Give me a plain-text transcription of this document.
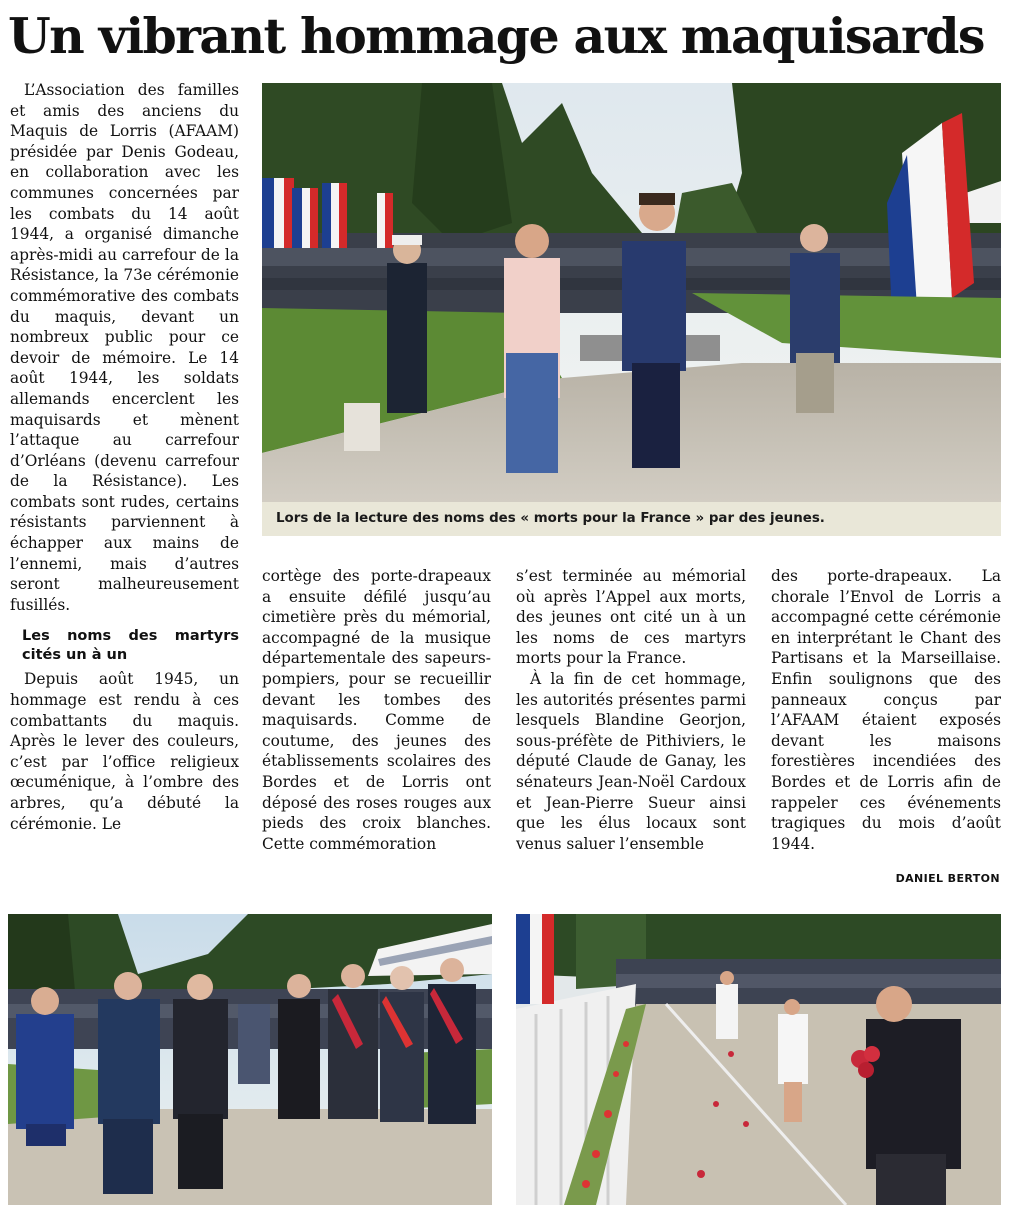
Un vibrant hommage aux maquisards

L’Association des familles et amis des anciens du Maquis de Lorris (AFAAM) présidée par Denis Godeau, en collaboration avec les communes concernées par les combats du 14 août 1944, a organisé dimanche après-midi au carrefour de la Résistance, la 73e cérémonie commémorative des combats du maquis, devant un nombreux public pour ce devoir de mémoire. Le 14 août 1944, les soldats allemands encerclent les maquisards et mènent l’attaque au carrefour d’Orléans (devenu carrefour de la Résistance). Les combats sont rudes, certains résistants parviennent à échapper aux mains de l’ennemi, mais d’autres seront malheureusement fusillés.

Les noms des martyrs cités un à un

Depuis août 1945, un hommage est rendu à ces combattants du maquis. Après le lever des couleurs, c’est par l’office religieux œcuménique, à l’ombre des arbres, qu’a débuté la cérémonie. Le

Lors de la lecture des noms des « morts pour la France » par des jeunes.

cortège des porte-drapeaux a ensuite défilé jusqu’au cimetière près du mémorial, accompagné de la musique départementale des sapeurs-pompiers, pour se recueillir devant les tombes des maquisards. Comme de coutume, des jeunes des établissements scolaires des Bordes et de Lorris ont déposé des roses rouges aux pieds des croix blanches. Cette commémoration

s’est terminée au mémorial où après l’Appel aux morts, des jeunes ont cité un à un les noms de ces martyrs morts pour la France.

À la fin de cet hommage, les autorités présentes parmi lesquels Blandine Georjon, sous-préfète de Pithiviers, le député Claude de Ganay, les sénateurs Jean-Noël Cardoux et Jean-Pierre Sueur ainsi que les élus locaux sont venus saluer l’ensemble

des porte-drapeaux. La chorale l’Envol de Lorris a accompagné cette cérémonie en interprétant le Chant des Partisans et la Marseillaise. Enfin soulignons que des panneaux conçus par l’AFAAM étaient exposés devant les maisons forestières incendiées des Bordes et de Lorris afin de rappeler ces événements tragiques du mois d’août 1944.

DANIEL BERTON
